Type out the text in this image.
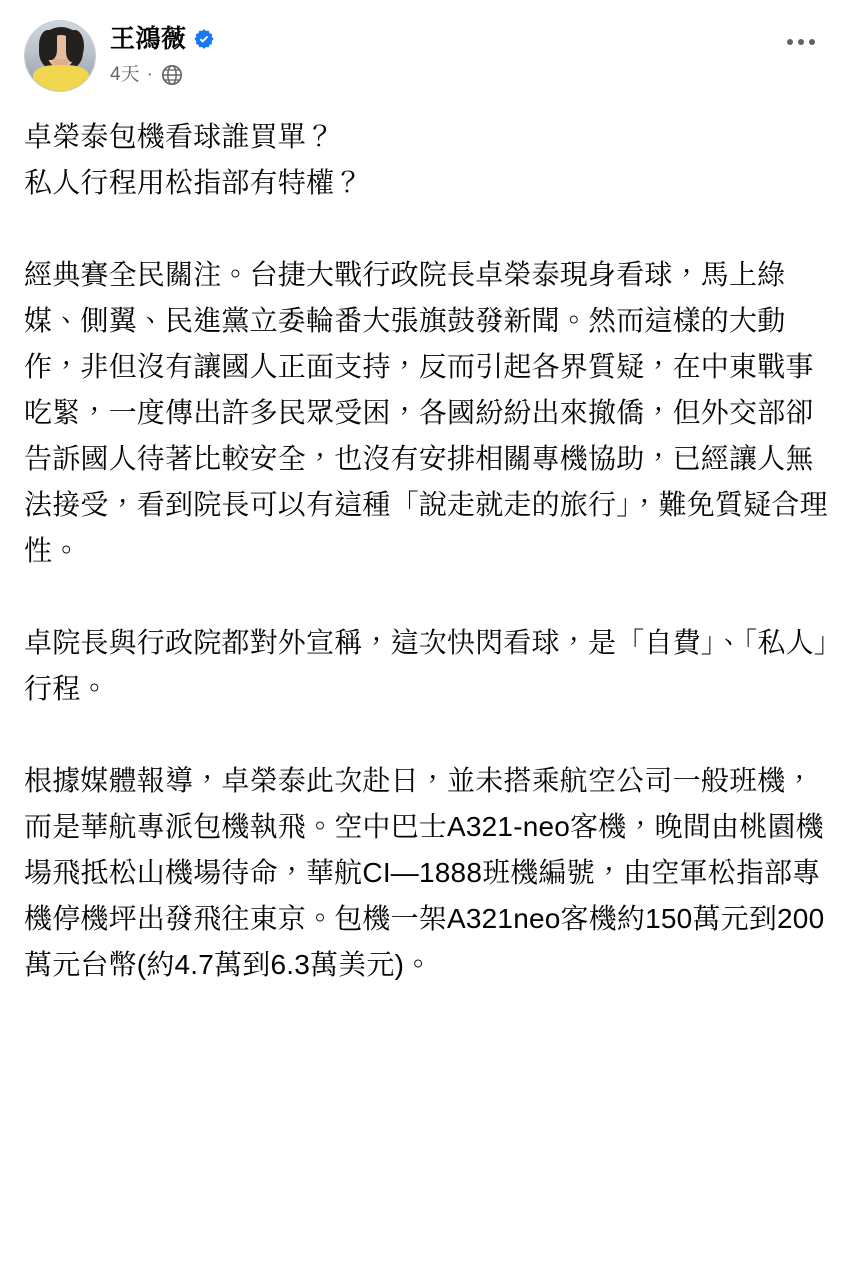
王鴻薇
4天 ·

卓榮泰包機看球誰買單？

私人行程用松指部有特權？

經典賽全民關注。台捷大戰行政院長卓榮泰現身看球，馬上綠媒、側翼、民進黨立委輪番大張旗鼓發新聞。然而這樣的大動作，非但沒有讓國人正面支持，反而引起各界質疑，在中東戰事吃緊，一度傳出許多民眾受困，各國紛紛出來撤僑，但外交部卻告訴國人待著比較安全，也沒有安排相關專機協助，已經讓人無法接受，看到院長可以有這種「說走就走的旅行」，難免質疑合理性。

卓院長與行政院都對外宣稱，這次快閃看球，是「自費」、「私人」行程。

根據媒體報導，卓榮泰此次赴日，並未搭乘航空公司一般班機，而是華航專派包機執飛。空中巴士A321-neo客機，晚間由桃園機場飛抵松山機場待命，華航CI—1888班機編號，由空軍松指部專機停機坪出發飛往東京。包機一架A321neo客機約150萬元到200萬元台幣(約4.7萬到6.3萬美元)。
